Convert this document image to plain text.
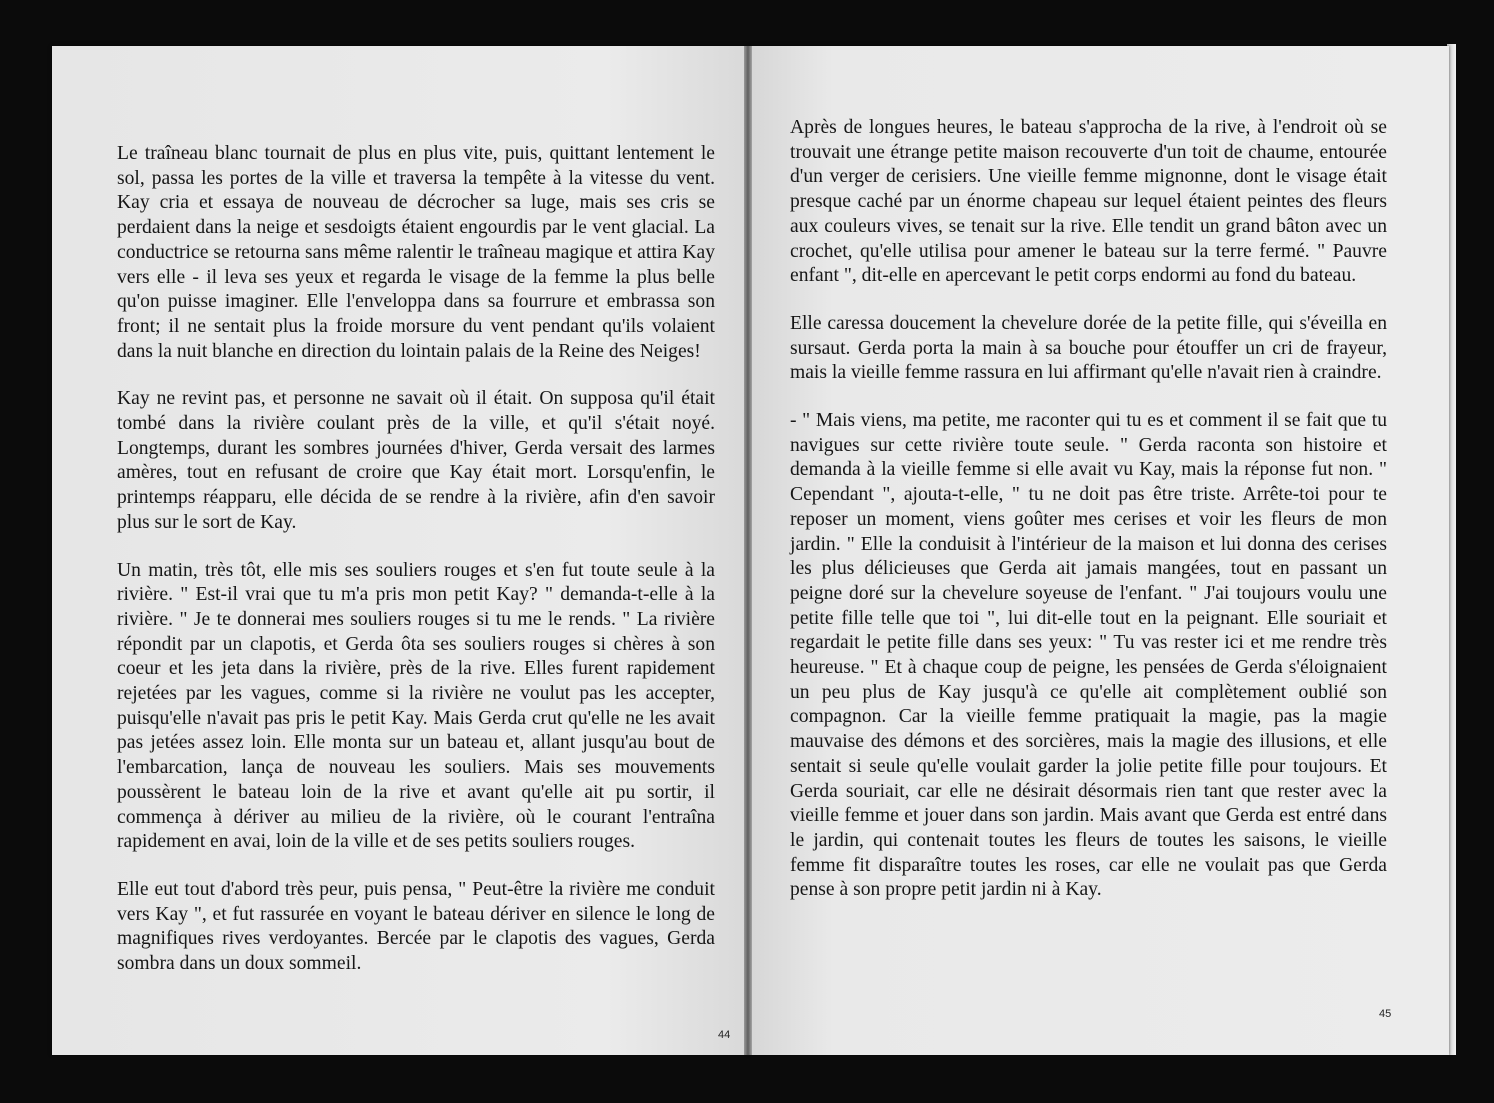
Le traîneau blanc tournait de plus en plus vite, puis, quittant lentement le sol, passa les portes de la ville et traversa la tempête à la vitesse du vent. Kay cria et essaya de nouveau de décrocher sa luge, mais ses cris se perdaient dans la neige et sesdoigts étaient engourdis par le vent glacial. La conductrice se retourna sans même ralentir le traîneau magique et attira Kay vers elle - il leva ses yeux et regarda le visage de la femme la plus belle qu'on puisse imaginer. Elle l'enveloppa dans sa fourrure et embrassa son front; il ne sentait plus la froide morsure du vent pendant qu'ils volaient dans la nuit blanche en direction du lointain palais de la Reine des Neiges!

Kay ne revint pas, et personne ne savait où il était. On supposa qu'il était tombé dans la rivière coulant près de la ville, et qu'il s'était noyé. Longtemps, durant les sombres journées d'hiver, Gerda versait des larmes amères, tout en refusant de croire que Kay était mort. Lorsqu'enfin, le printemps réapparu, elle décida de se rendre à la rivière, afin d'en savoir plus sur le sort de Kay.

Un matin, très tôt, elle mis ses souliers rouges et s'en fut toute seule à la rivière. " Est-il vrai que tu m'a pris mon petit Kay? " demanda-t-elle à la rivière. " Je te donnerai mes souliers rouges si tu me le rends. " La rivière répondit par un clapotis, et Gerda ôta ses souliers rouges si chères à son coeur et les jeta dans la rivière, près de la rive. Elles furent rapidement rejetées par les vagues, comme si la rivière ne voulut pas les accepter, puisqu'elle n'avait pas pris le petit Kay. Mais Gerda crut qu'elle ne les avait pas jetées assez loin. Elle monta sur un bateau et, allant jusqu'au bout de l'embarcation, lança de nouveau les souliers. Mais ses mouvements poussèrent le bateau loin de la rive et avant qu'elle ait pu sortir, il commença à dériver au milieu de la rivière, où le courant l'entraîna rapidement en avai, loin de la ville et de ses petits souliers rouges.

Elle eut tout d'abord très peur, puis pensa, " Peut-être la rivière me conduit vers Kay ", et fut rassurée en voyant le bateau dériver en silence le long de magnifiques rives verdoyantes. Bercée par le clapotis des vagues, Gerda sombra dans un doux sommeil.

44

Après de longues heures, le bateau s'approcha de la rive, à l'endroit où se trouvait une étrange petite maison recouverte d'un toit de chaume, entourée d'un verger de cerisiers. Une vieille femme mignonne, dont le visage était presque caché par un énorme chapeau sur lequel étaient peintes des fleurs aux couleurs vives, se tenait sur la rive. Elle tendit un grand bâton avec un crochet, qu'elle utilisa pour amener le bateau sur la terre fermé. " Pauvre enfant ", dit-elle en apercevant le petit corps endormi au fond du bateau.

Elle caressa doucement la chevelure dorée de la petite fille, qui s'éveilla en sursaut. Gerda porta la main à sa bouche pour étouffer un cri de frayeur, mais la vieille femme rassura en lui affirmant qu'elle n'avait rien à craindre.

- " Mais viens, ma petite, me raconter qui tu es et comment il se fait que tu navigues sur cette rivière toute seule. " Gerda raconta son histoire et demanda à la vieille femme si elle avait vu Kay, mais la réponse fut non. " Cependant ", ajouta-t-elle, " tu ne doit pas être triste. Arrête-toi pour te reposer un moment, viens goûter mes cerises et voir les fleurs de mon jardin. " Elle la conduisit à l'intérieur de la maison et lui donna des cerises les plus délicieuses que Gerda ait jamais mangées, tout en passant un peigne doré sur la chevelure soyeuse de l'enfant. " J'ai toujours voulu une petite fille telle que toi ", lui dit-elle tout en la peignant. Elle souriait et regardait le petite fille dans ses yeux: " Tu vas rester ici et me rendre très heureuse. " Et à chaque coup de peigne, les pensées de Gerda s'éloignaient un peu plus de Kay jusqu'à ce qu'elle ait complètement oublié son compagnon. Car la vieille femme pratiquait la magie, pas la magie mauvaise des démons et des sorcières, mais la magie des illusions, et elle sentait si seule qu'elle voulait garder la jolie petite fille pour toujours. Et Gerda souriait, car elle ne désirait désormais rien tant que rester avec la vieille femme et jouer dans son jardin. Mais avant que Gerda est entré dans le jardin, qui contenait toutes les fleurs de toutes les saisons, le vieille femme fit disparaître toutes les roses, car elle ne voulait pas que Gerda pense à son propre petit jardin ni à Kay.

45
